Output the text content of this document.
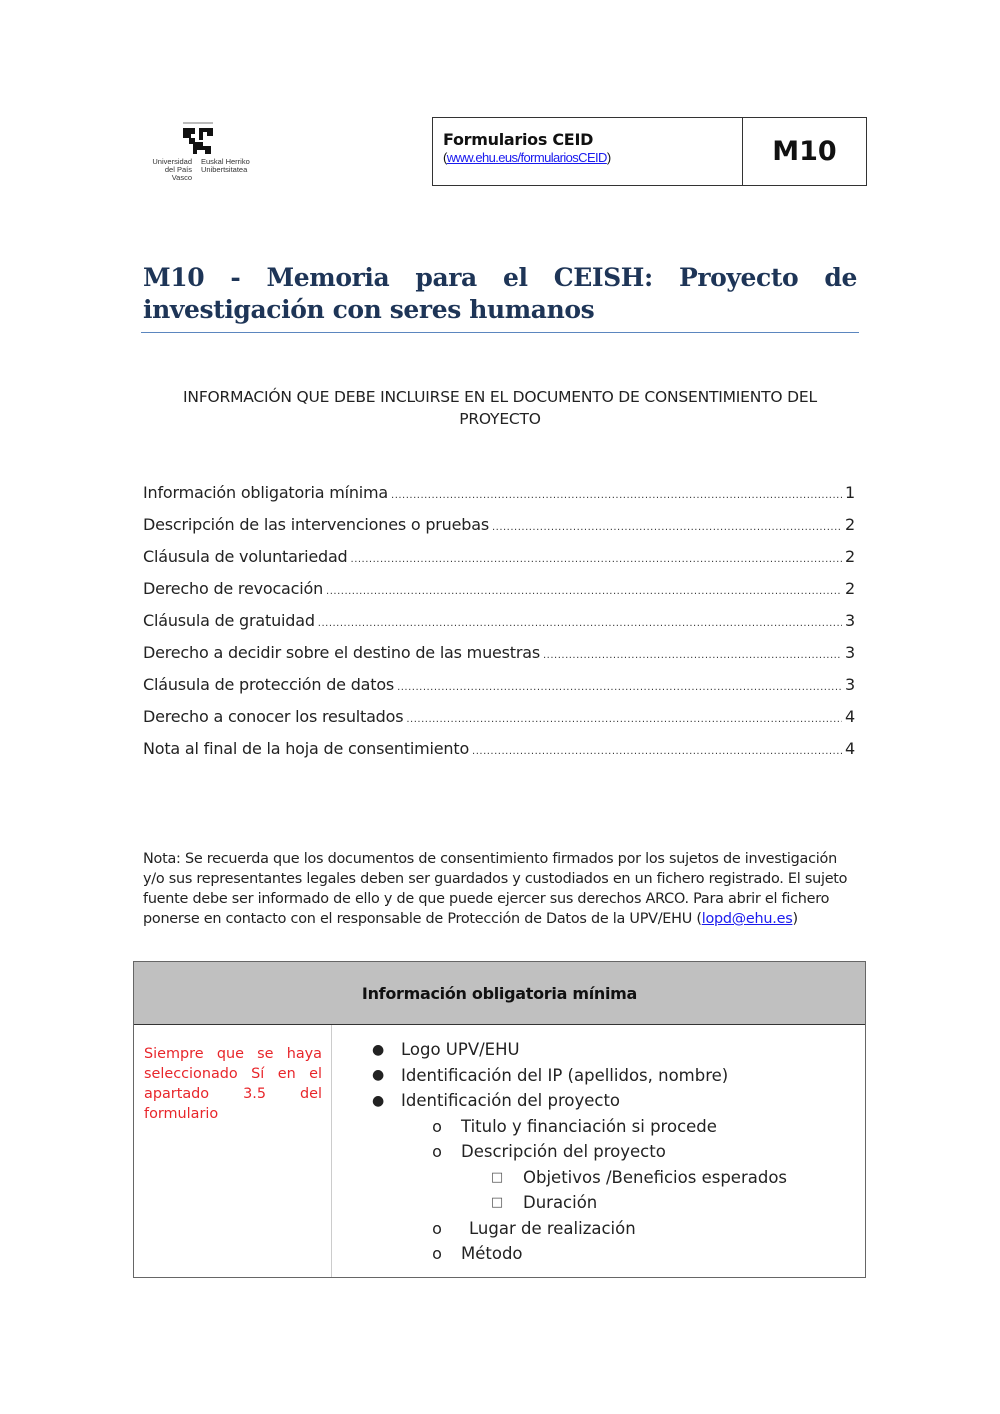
Universidad
del País Vasco
Euskal Herriko
Unibertsitatea
Formularios CEID
(www.ehu.eus/formulariosCEID)	M10
M10 - Memoria para el CEISH: Proyecto de investigación con seres humanos
INFORMACIÓN QUE DEBE INCLUIRSE EN EL DOCUMENTO DE CONSENTIMIENTO DEL PROYECTO
Información obligatoria mínima .....	1
Descripción de las intervenciones o pruebas .....	2
Cláusula de voluntariedad .....	2
Derecho de revocación .....	2
Cláusula de gratuidad .....	3
Derecho a decidir sobre el destino de las muestras .....	3
Cláusula de protección de datos .....	3
Derecho a conocer los resultados .....	4
Nota al final de la hoja de consentimiento .....	4
Nota: Se recuerda que los documentos de consentimiento firmados por los sujetos de investigación y/o sus representantes legales deben ser guardados y custodiados en un fichero registrado. El sujeto fuente debe ser informado de ello y de que puede ejercer sus derechos ARCO. Para abrir el fichero ponerse en contacto con el responsable de Protección de Datos de la UPV/EHU (lopd@ehu.es)
Información obligatoria mínima
Siempre que se haya seleccionado Sí en el apartado 3.5 del formulario
● Logo UPV/EHU
● Identificación del IP (apellidos, nombre)
● Identificación del proyecto
o Titulo y financiación si procede
o Descripción del proyecto
□ Objetivos /Beneficios esperados
□ Duración
o Lugar de realización
o Método
